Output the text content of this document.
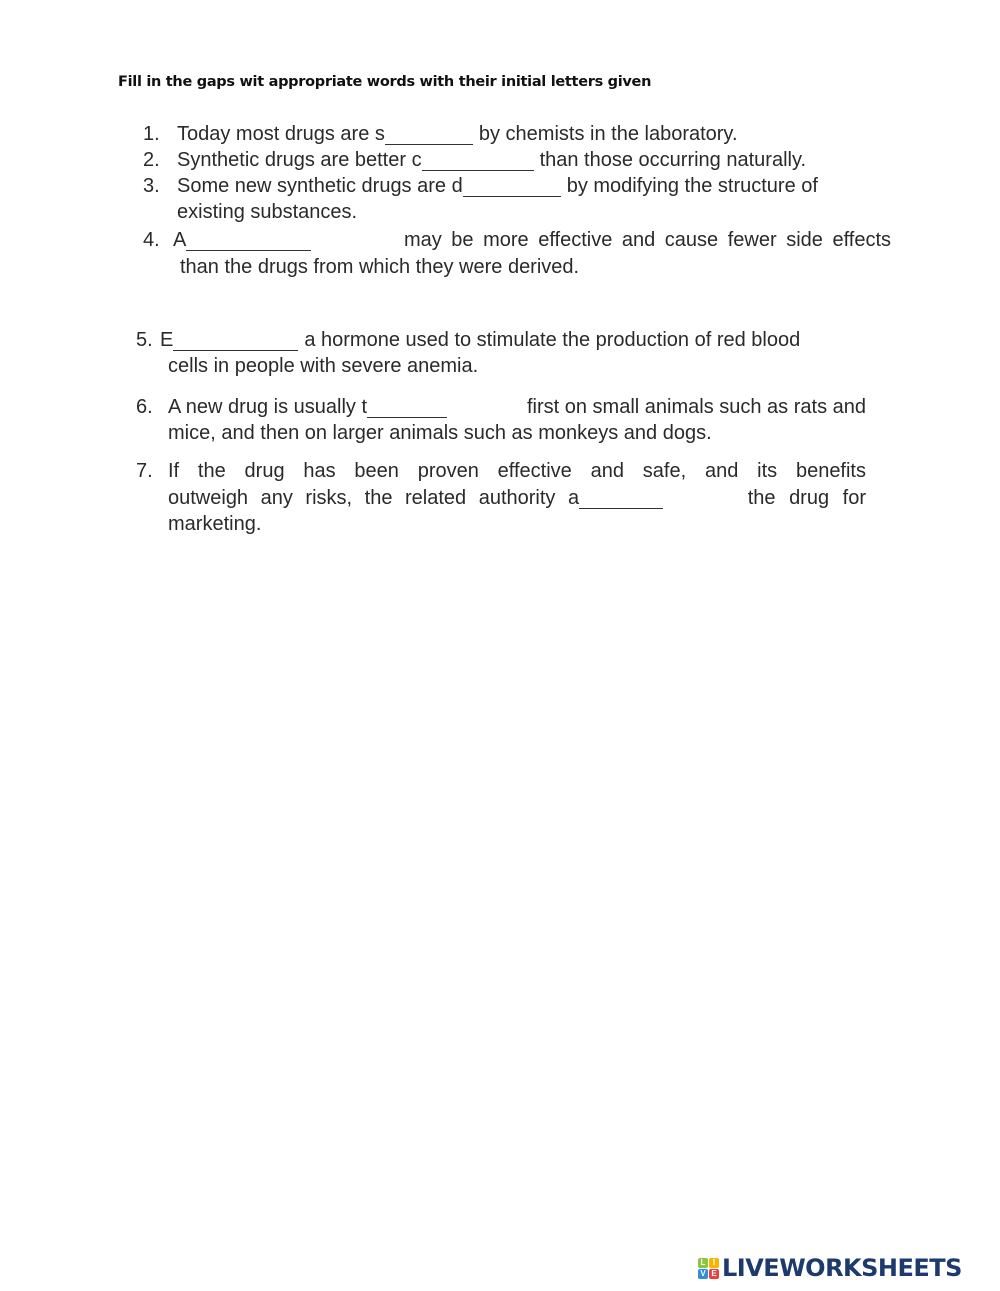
Fill in the gaps wit appropriate words with their initial letters given
1. Today most drugs are s	by chemists in the laboratory.
2. Synthetic drugs are better c	than those occurring naturally.
3. Some new synthetic drugs are d	by modifying the structure of
existing substances.
4. A	may be more effective and cause fewer side effects
than the drugs from which they were derived.
5. E	a hormone used to stimulate the production of red blood
cells in people with severe anemia.
6. A new drug is usually t	first on small animals such as rats and
mice, and then on larger animals such as monkeys and dogs.
7. If the drug has been proven effective and safe, and its benefits
outweigh any risks, the related authority a	the drug for
marketing.
L I
V E LIVEWORKSHEETS
